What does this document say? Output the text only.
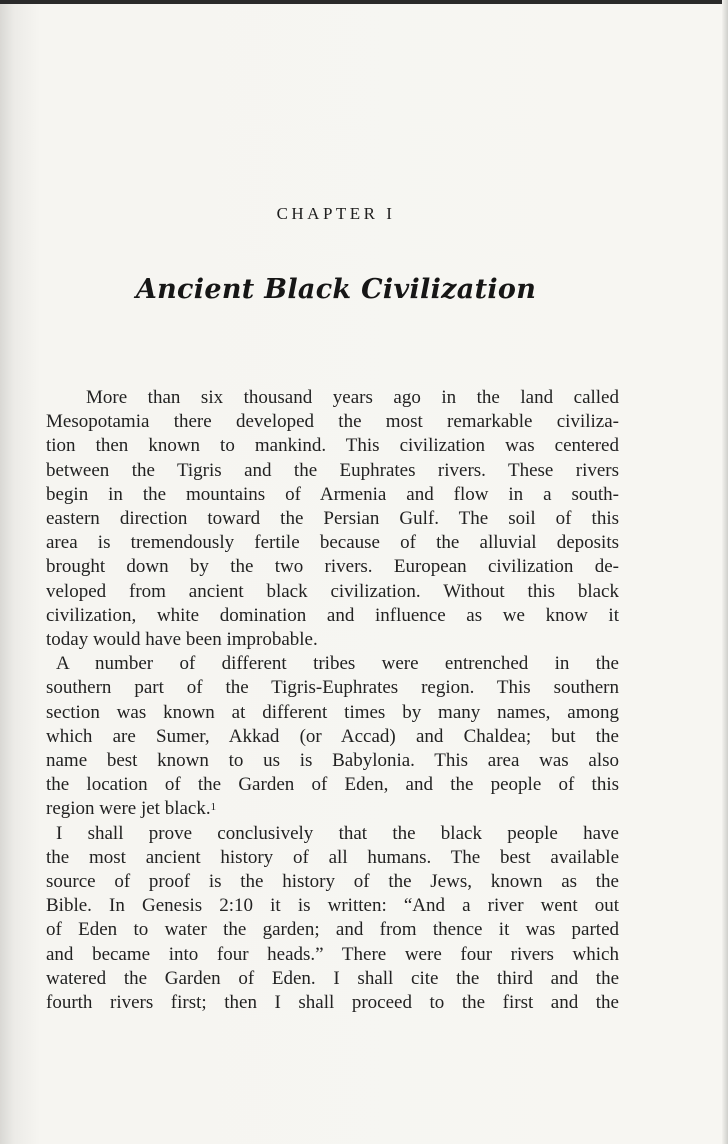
CHAPTER I
Ancient Black Civilization
More than six thousand years ago in the land called
Mesopotamia there developed the most remarkable civiliza-
tion then known to mankind. This civilization was centered
between the Tigris and the Euphrates rivers. These rivers
begin in the mountains of Armenia and flow in a south-
eastern direction toward the Persian Gulf. The soil of this
area is tremendously fertile because of the alluvial deposits
brought down by the two rivers. European civilization de-
veloped from ancient black civilization. Without this black
civilization, white domination and influence as we know it
today would have been improbable.
A number of different tribes were entrenched in the
southern part of the Tigris-Euphrates region. This southern
section was known at different times by many names, among
which are Sumer, Akkad (or Accad) and Chaldea; but the
name best known to us is Babylonia. This area was also
the location of the Garden of Eden, and the people of this
region were jet black.$^1$
I shall prove conclusively that the black people have
the most ancient history of all humans. The best available
source of proof is the history of the Jews, known as the
Bible. In Genesis 2:10 it is written: “And a river went out
of Eden to water the garden; and from thence it was parted
and became into four heads.” There were four rivers which
watered the Garden of Eden. I shall cite the third and the
fourth rivers first; then I shall proceed to the first and the
